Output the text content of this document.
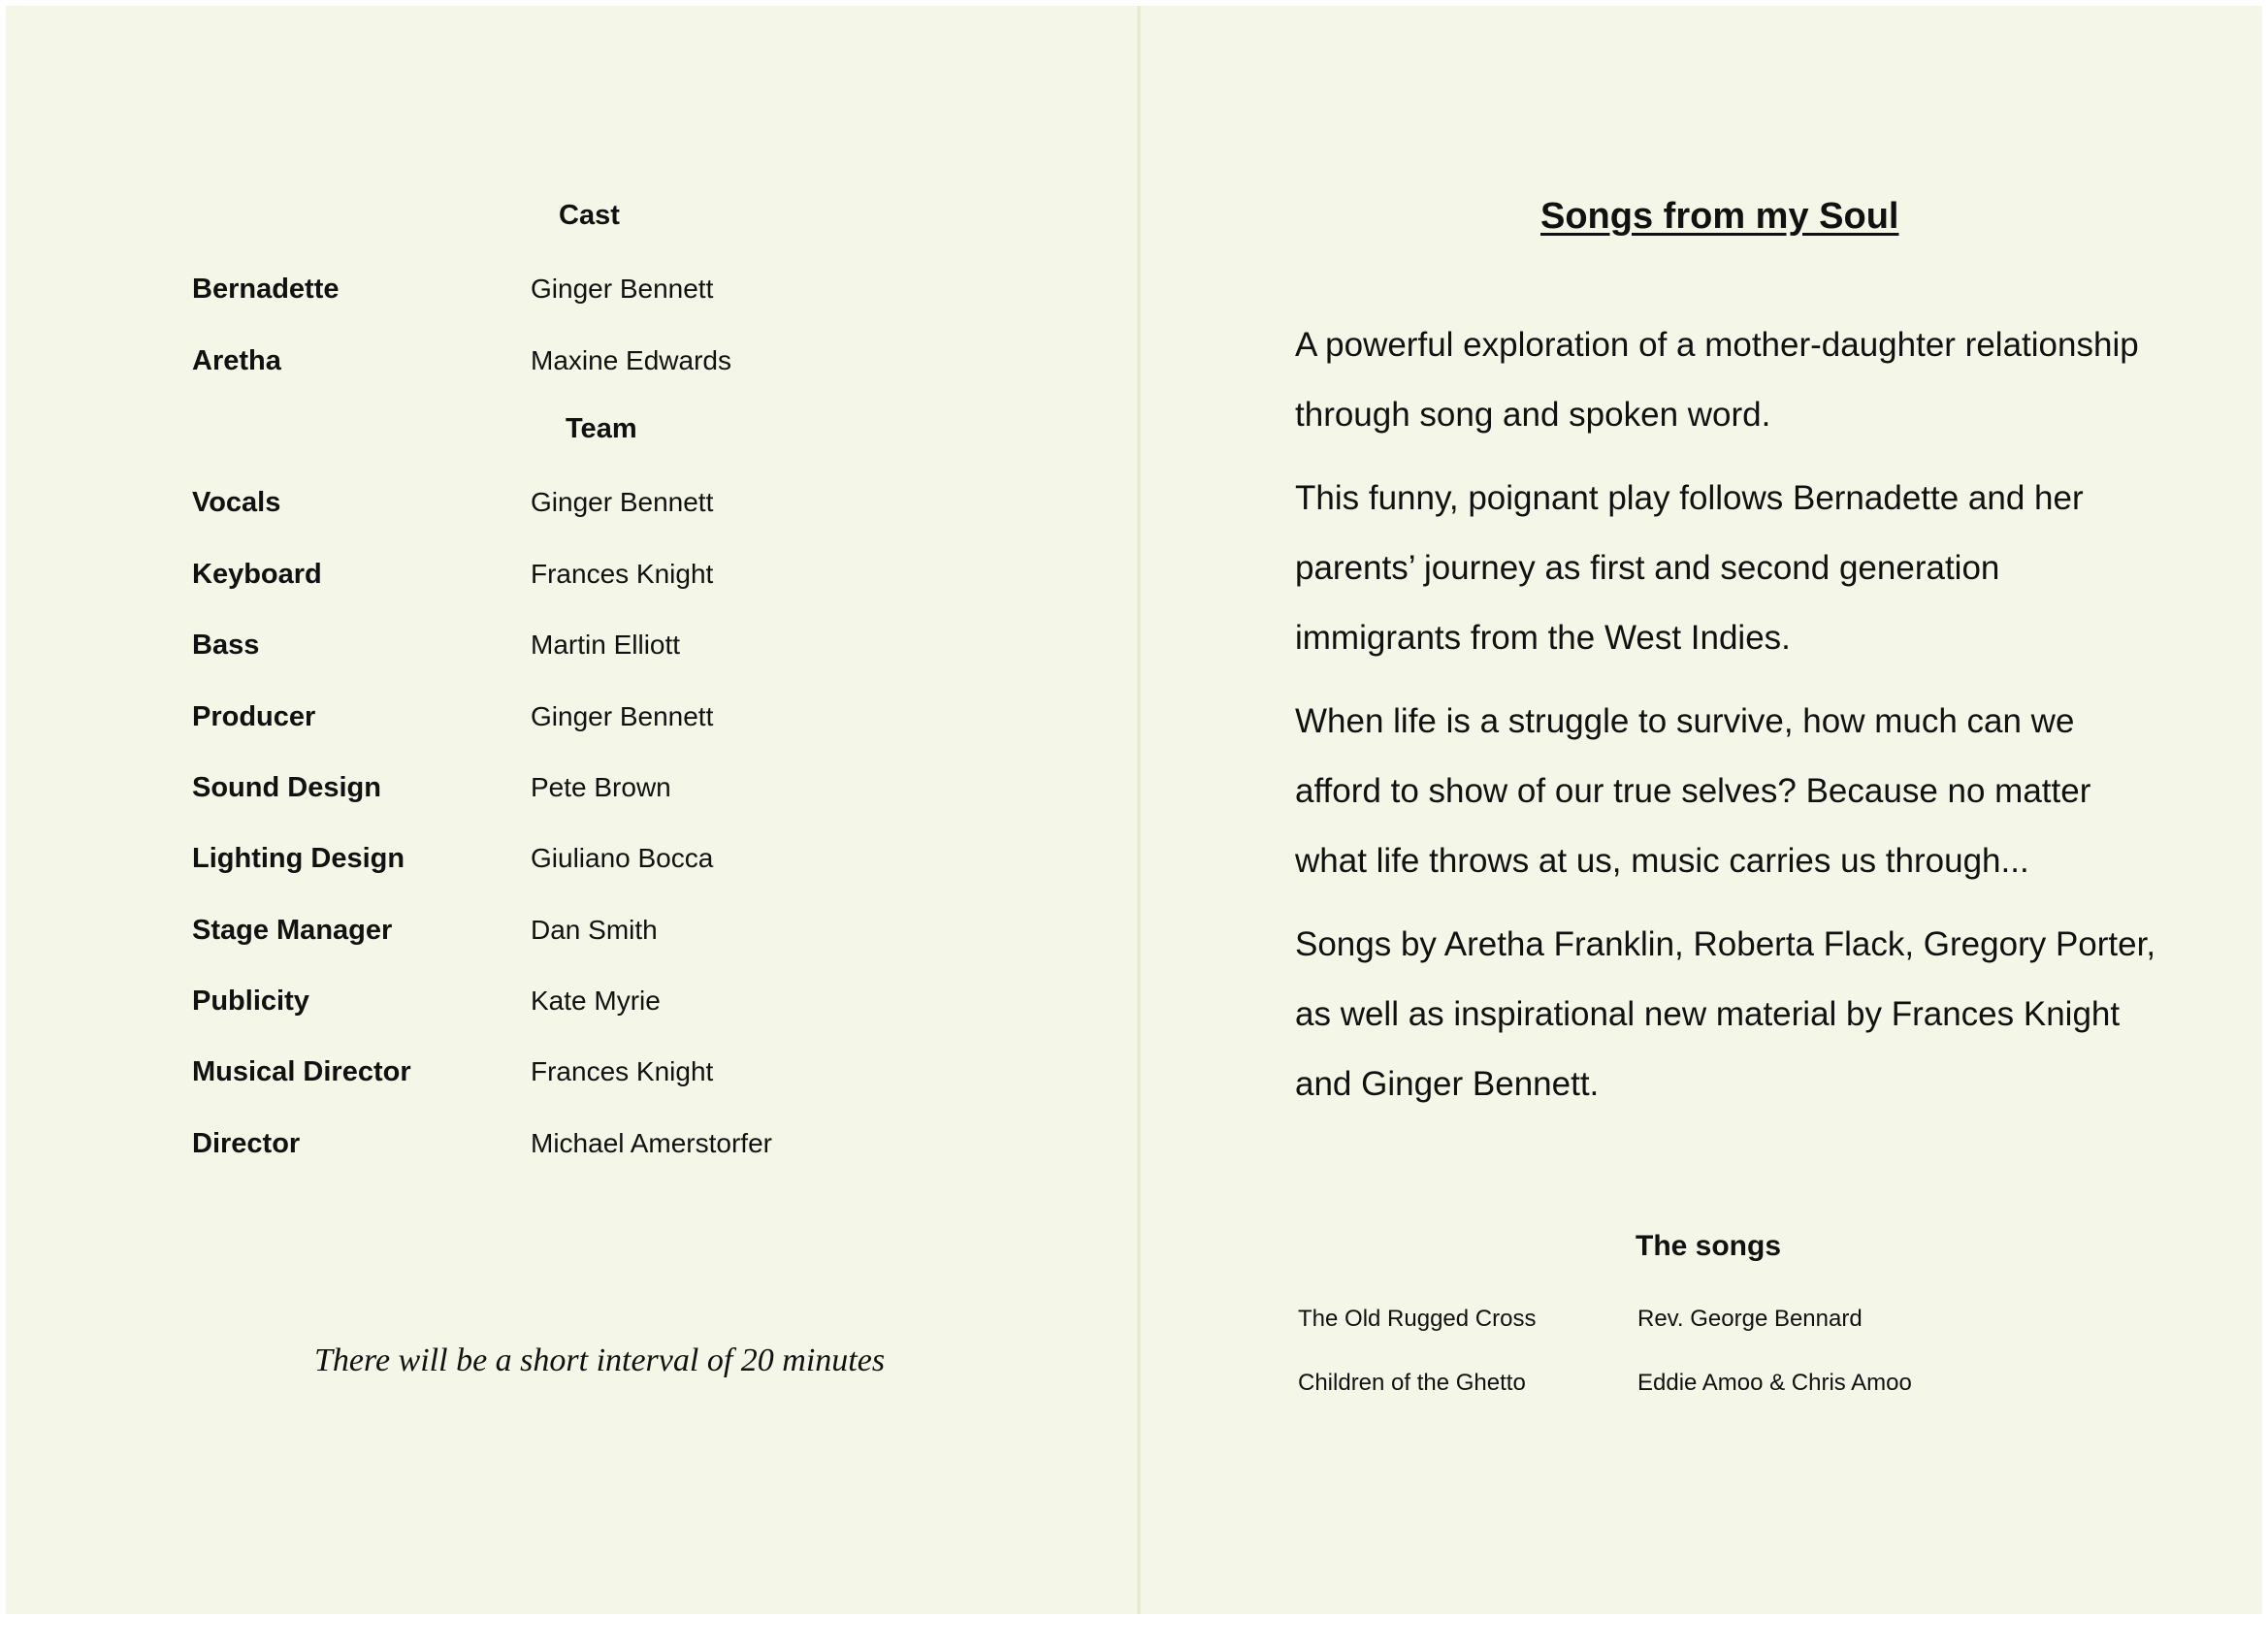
Cast
Bernadette	Ginger Bennett
Aretha	Maxine Edwards
Team
Vocals	Ginger Bennett
Keyboard	Frances Knight
Bass	Martin Elliott
Producer	Ginger Bennett
Sound Design	Pete Brown
Lighting Design	Giuliano Bocca
Stage Manager	Dan Smith
Publicity	Kate Myrie
Musical Director	Frances Knight
Director	Michael Amerstorfer
There will be a short interval of 20 minutes
Songs from my Soul
A powerful exploration of a mother-daughter relationship through song and spoken word.
This funny, poignant play follows Bernadette and her parents’ journey as first and second generation immigrants from the West Indies.
When life is a struggle to survive, how much can we afford to show of our true selves? Because no matter what life throws at us, music carries us through...
Songs by Aretha Franklin, Roberta Flack, Gregory Porter, as well as inspirational new material by Frances Knight and Ginger Bennett.
The songs
The Old Rugged Cross	Rev. George Bennard
Children of the Ghetto	Eddie Amoo & Chris Amoo
